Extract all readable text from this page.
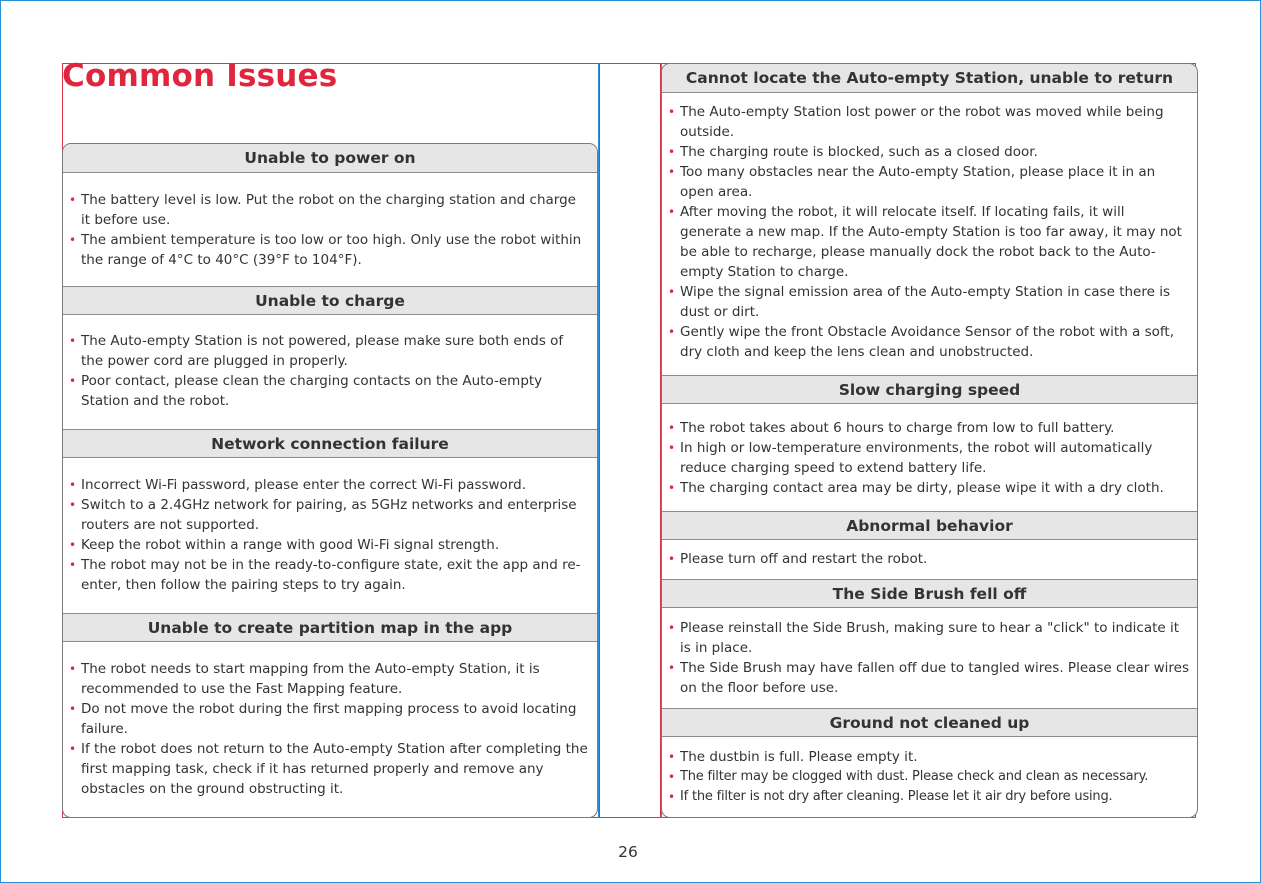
Common Issues
Unable to power on
• The battery level is low. Put the robot on the charging station and charge it before use.
• The ambient temperature is too low or too high. Only use the robot within the range of 4°C to 40°C (39°F to 104°F).
Unable to charge
• The Auto-empty Station is not powered, please make sure both ends of the power cord are plugged in properly.
• Poor contact, please clean the charging contacts on the Auto-empty Station and the robot.
Network connection failure
• Incorrect Wi-Fi password, please enter the correct Wi-Fi password.
• Switch to a 2.4GHz network for pairing, as 5GHz networks and enterprise routers are not supported.
• Keep the robot within a range with good Wi-Fi signal strength.
• The robot may not be in the ready-to-configure state, exit the app and re-enter, then follow the pairing steps to try again.
Unable to create partition map in the app
• The robot needs to start mapping from the Auto-empty Station, it is recommended to use the Fast Mapping feature.
• Do not move the robot during the first mapping process to avoid locating failure.
• If the robot does not return to the Auto-empty Station after completing the first mapping task, check if it has returned properly and remove any obstacles on the ground obstructing it.
Cannot locate the Auto-empty Station, unable to return
• The Auto-empty Station lost power or the robot was moved while being outside.
• The charging route is blocked, such as a closed door.
• Too many obstacles near the Auto-empty Station, please place it in an open area.
• After moving the robot, it will relocate itself. If locating fails, it will generate a new map. If the Auto-empty Station is too far away, it may not be able to recharge, please manually dock the robot back to the Auto-empty Station to charge.
• Wipe the signal emission area of the Auto-empty Station in case there is dust or dirt.
• Gently wipe the front Obstacle Avoidance Sensor of the robot with a soft, dry cloth and keep the lens clean and unobstructed.
Slow charging speed
• The robot takes about 6 hours to charge from low to full battery.
• In high or low-temperature environments, the robot will automatically reduce charging speed to extend battery life.
• The charging contact area may be dirty, please wipe it with a dry cloth.
Abnormal behavior
• Please turn off and restart the robot.
The Side Brush fell off
• Please reinstall the Side Brush, making sure to hear a "click" to indicate it is in place.
• The Side Brush may have fallen off due to tangled wires. Please clear wires on the floor before use.
Ground not cleaned up
• The dustbin is full. Please empty it.
• The filter may be clogged with dust. Please check and clean as necessary.
• If the filter is not dry after cleaning. Please let it air dry before using.
26
